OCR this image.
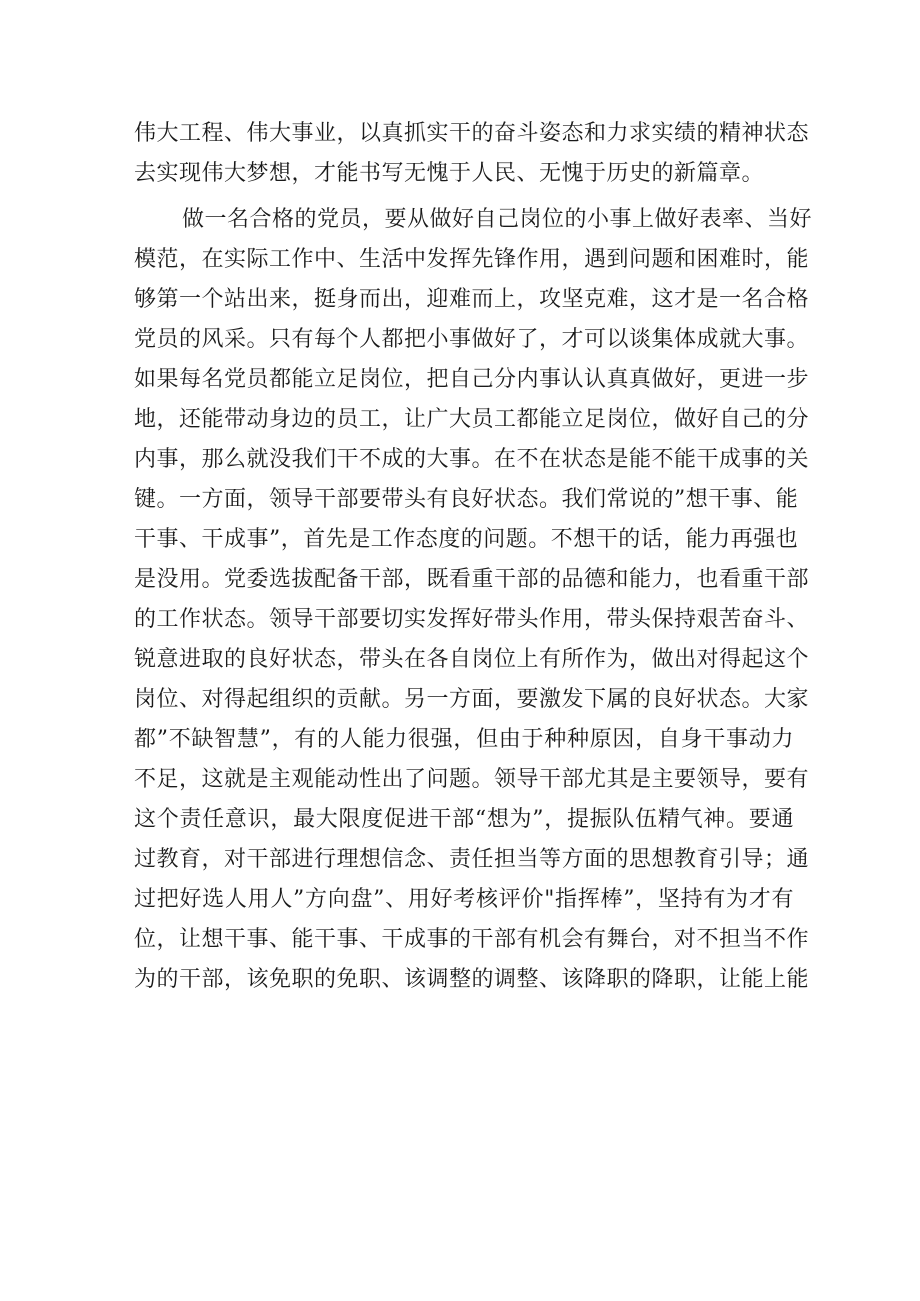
伟大工程、伟大事业，以真抓实干的奋斗姿态和力求实绩的精神状态
去实现伟大梦想，才能书写无愧于人民、无愧于历史的新篇章。
做一名合格的党员，要从做好自己岗位的小事上做好表率、当好
模范，在实际工作中、生活中发挥先锋作用，遇到问题和困难时，能
够第一个站出来，挺身而出，迎难而上，攻坚克难，这才是一名合格
党员的风采。只有每个人都把小事做好了，才可以谈集体成就大事。
如果每名党员都能立足岗位，把自己分内事认认真真做好，更进一步
地，还能带动身边的员工，让广大员工都能立足岗位，做好自己的分
内事，那么就没我们干不成的大事。在不在状态是能不能干成事的关
键。一方面，领导干部要带头有良好状态。我们常说的”想干事、能
干事、干成事”，首先是工作态度的问题。不想干的话，能力再强也
是没用。党委选拔配备干部，既看重干部的品德和能力，也看重干部
的工作状态。领导干部要切实发挥好带头作用，带头保持艰苦奋斗、
锐意进取的良好状态，带头在各自岗位上有所作为，做出对得起这个
岗位、对得起组织的贡献。另一方面，要激发下属的良好状态。大家
都”不缺智慧”，有的人能力很强，但由于种种原因，自身干事动力
不足，这就是主观能动性出了问题。领导干部尤其是主要领导，要有
这个责任意识，最大限度促进干部“想为”，提振队伍精气神。要通
过教育，对干部进行理想信念、责任担当等方面的思想教育引导；通
过把好选人用人”方向盘”、用好考核评价"指挥棒”，坚持有为才有
位，让想干事、能干事、干成事的干部有机会有舞台，对不担当不作
为的干部，该免职的免职、该调整的调整、该降职的降职，让能上能
